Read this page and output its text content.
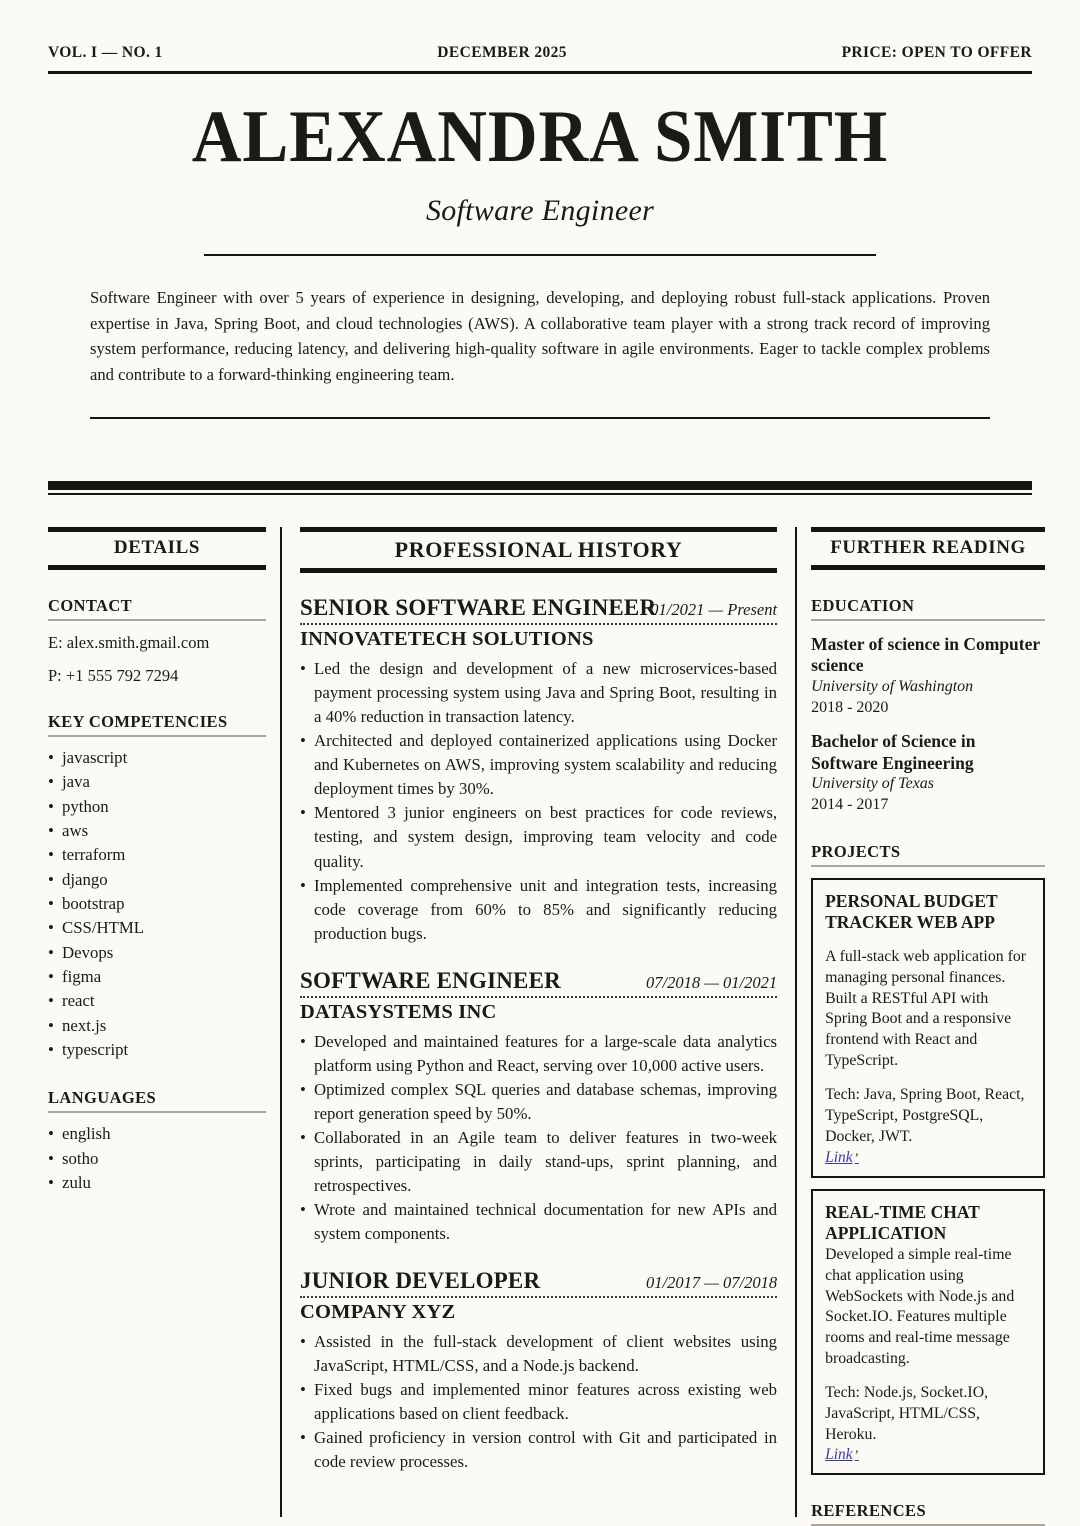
VOL. I — NO. 1	DECEMBER 2025	PRICE: OPEN TO OFFER
ALEXANDRA SMITH
Software Engineer
Software Engineer with over 5 years of experience in designing, developing, and deploying robust full-stack applications. Proven expertise in Java, Spring Boot, and cloud technologies (AWS). A collaborative team player with a strong track record of improving system performance, reducing latency, and delivering high-quality software in agile environments. Eager to tackle complex problems and contribute to a forward-thinking engineering team.
DETAILS
CONTACT
E: alex.smith.gmail.com
P: +1 555 792 7294
KEY COMPETENCIES
• javascript
• java
• python
• aws
• terraform
• django
• bootstrap
• CSS/HTML
• Devops
• figma
• react
• next.js
• typescript
LANGUAGES
• english
• sotho
• zulu
PROFESSIONAL HISTORY
SENIOR SOFTWARE ENGINEER
01/2021 — Present
INNOVATETECH SOLUTIONS
• Led the design and development of a new microservices-based payment processing system using Java and Spring Boot, resulting in a 40% reduction in transaction latency.
• Architected and deployed containerized applications using Docker and Kubernetes on AWS, improving system scalability and reducing deployment times by 30%.
• Mentored 3 junior engineers on best practices for code reviews, testing, and system design, improving team velocity and code quality.
• Implemented comprehensive unit and integration tests, increasing code coverage from 60% to 85% and significantly reducing production bugs.
SOFTWARE ENGINEER	07/2018 — 01/2021
DATASYSTEMS INC
• Developed and maintained features for a large-scale data analytics platform using Python and React, serving over 10,000 active users.
• Optimized complex SQL queries and database schemas, improving report generation speed by 50%.
• Collaborated in an Agile team to deliver features in two-week sprints, participating in daily stand-ups, sprint planning, and retrospectives.
• Wrote and maintained technical documentation for new APIs and system components.
JUNIOR DEVELOPER	01/2017 — 07/2018
COMPANY XYZ
• Assisted in the full-stack development of client websites using JavaScript, HTML/CSS, and a Node.js backend.
• Fixed bugs and implemented minor features across existing web applications based on client feedback.
• Gained proficiency in version control with Git and participated in code review processes.
FURTHER READING
EDUCATION
Master of science in Computer science
University of Washington
2018 - 2020
Bachelor of Science in Software Engineering
University of Texas
2014 - 2017
PROJECTS
PERSONAL BUDGET TRACKER WEB APP
A full-stack web application for managing personal finances. Built a RESTful API with Spring Boot and a responsive frontend with React and TypeScript.
Tech: Java, Spring Boot, React, TypeScript, PostgreSQL, Docker, JWT.
Link ’
REAL-TIME CHAT APPLICATION
Developed a simple real-time chat application using WebSockets with Node.js and Socket.IO. Features multiple rooms and real-time message broadcasting.
Tech: Node.js, Socket.IO, JavaScript, HTML/CSS, Heroku.
Link ’
REFERENCES
